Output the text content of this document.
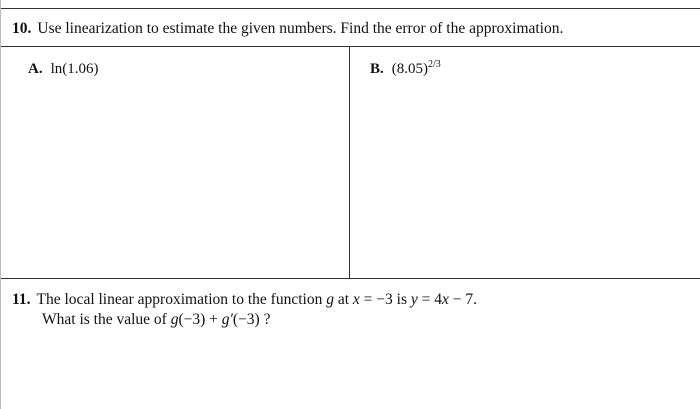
10. Use linearization to estimate the given numbers. Find the error of the approximation.
A. ln(1.06)	B. $(8.05)^{2/3}$
11. The local linear approximation to the function g at x = −3 is y = 4x − 7.
What is the value of g(−3) + g′(−3) ?
